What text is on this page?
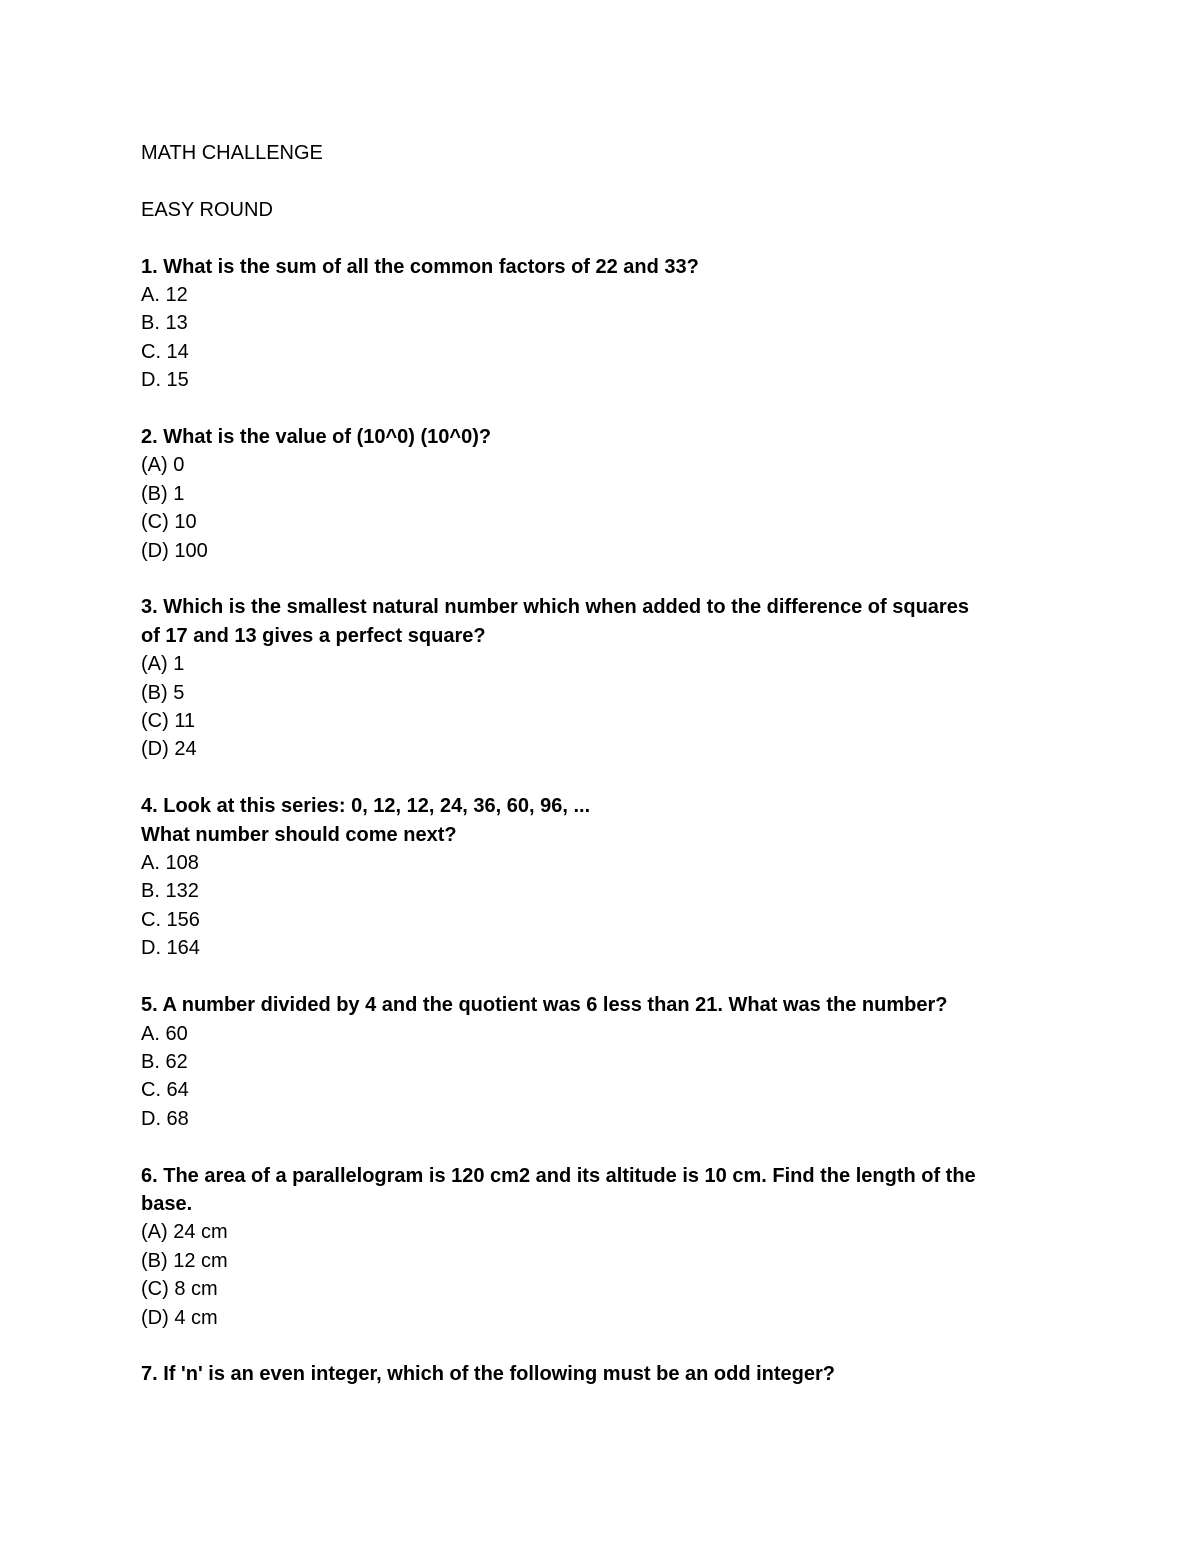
MATH CHALLENGE
EASY ROUND
1. What is the sum of all the common factors of 22 and 33?
A. 12
B. 13
C. 14
D. 15
2. What is the value of (10^0) (10^0)?
(A) 0
(B) 1
(C) 10
(D) 100
3. Which is the smallest natural number which when added to the difference of squares
of 17 and 13 gives a perfect square?
(A) 1
(B) 5
(C) 11
(D) 24
4. Look at this series: 0, 12, 12, 24, 36, 60, 96, ...
What number should come next?
A. 108
B. 132
C. 156
D. 164
5. A number divided by 4 and the quotient was 6 less than 21. What was the number?
A. 60
B. 62
C. 64
D. 68
6. The area of a parallelogram is 120 cm2 and its altitude is 10 cm. Find the length of the
base.
(A) 24 cm
(B) 12 cm
(C) 8 cm
(D) 4 cm
7. If 'n' is an even integer, which of the following must be an odd integer?
